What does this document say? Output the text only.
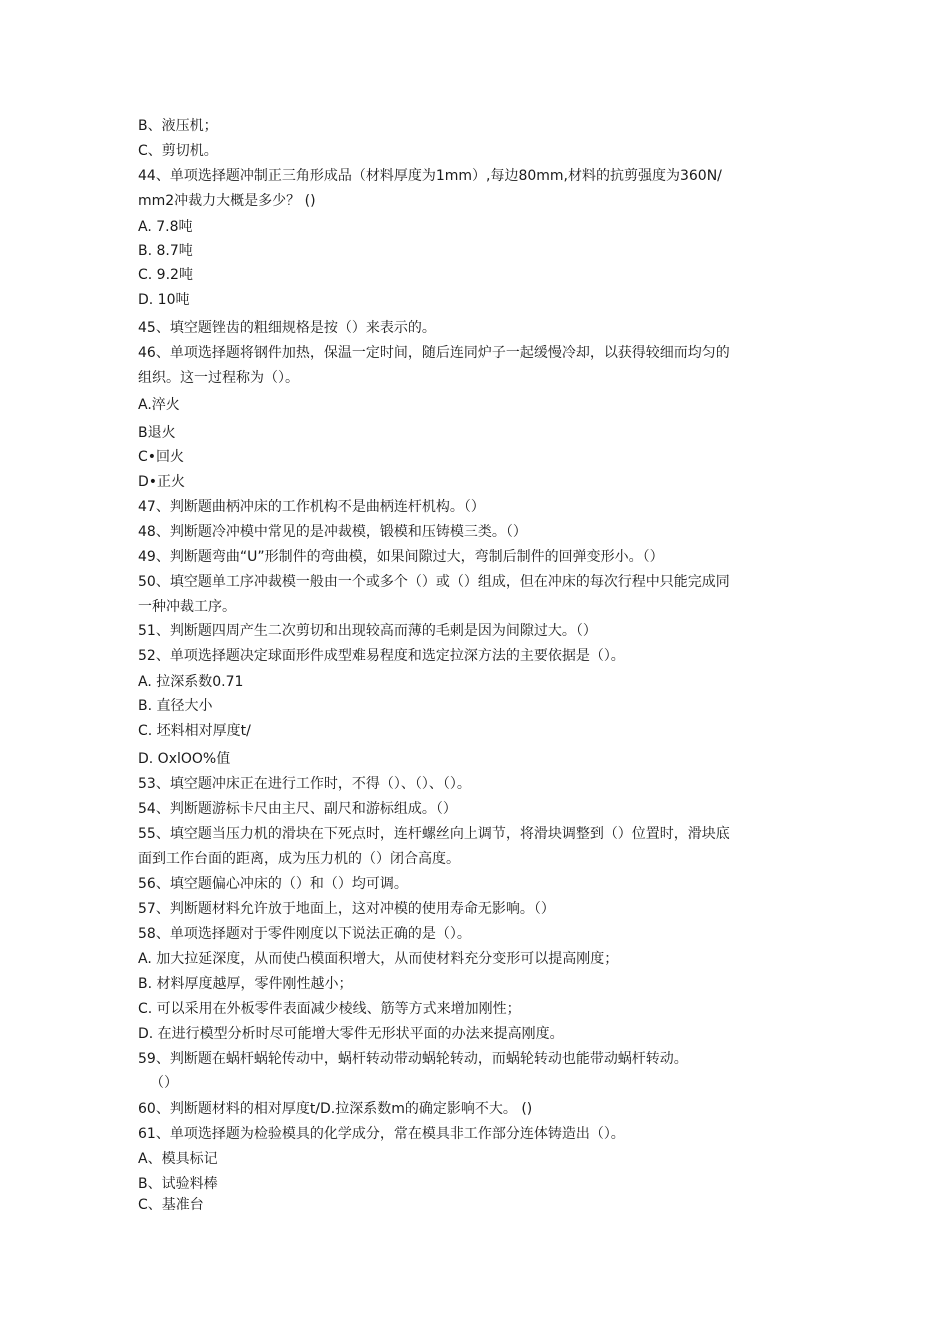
B、液压机；
C、剪切机。
44、单项选择题冲制正三角形成品（材料厚度为1mm）,每边80mm,材料的抗剪强度为360N/
mm2冲裁力大概是多少？ ()
A. 7.8吨
B. 8.7吨
C. 9.2吨
D. 10吨
45、填空题锉齿的粗细规格是按（）来表示的。
46、单项选择题将钢件加热，保温一定时间，随后连同炉子一起缓慢冷却，以获得较细而均匀的
组织。这一过程称为（）。
A.淬火
B退火
C•回火
D•正火
47、判断题曲柄冲床的工作机构不是曲柄连杆机构。（）
48、判断题冷冲模中常见的是冲裁模，锻模和压铸模三类。（）
49、判断题弯曲“U”形制件的弯曲模，如果间隙过大，弯制后制件的回弹变形小。（）
50、填空题单工序冲裁模一般由一个或多个（）或（）组成，但在冲床的每次行程中只能完成同
一种冲裁工序。
51、判断题四周产生二次剪切和出现较高而薄的毛刺是因为间隙过大。（）
52、单项选择题决定球面形件成型难易程度和选定拉深方法的主要依据是（）。
A. 拉深系数0.71
B. 直径大小
C. 坯料相对厚度t/
D. OxlOO%值
53、填空题冲床正在进行工作时，不得（）、（）、（）。
54、判断题游标卡尺由主尺、副尺和游标组成。（）
55、填空题当压力机的滑块在下死点时，连杆螺丝向上调节，将滑块调整到（）位置时，滑块底
面到工作台面的距离，成为压力机的（）闭合高度。
56、填空题偏心冲床的（）和（）均可调。
57、判断题材料允许放于地面上，这对冲模的使用寿命无影响。（）
58、单项选择题对于零件刚度以下说法正确的是（）。
A. 加大拉延深度，从而使凸模面积增大，从而使材料充分变形可以提高刚度；
B. 材料厚度越厚，零件刚性越小；
C. 可以采用在外板零件表面减少棱线、筋等方式来增加刚性；
D. 在进行模型分析时尽可能增大零件无形状平面的办法来提高刚度。
59、判断题在蜗杆蜗轮传动中，蜗杆转动带动蜗轮转动，而蜗轮转动也能带动蜗杆转动。
（）
60、判断题材料的相对厚度t/D.拉深系数m的确定影响不大。 ()
61、单项选择题为检验模具的化学成分，常在模具非工作部分连体铸造出（）。
A、模具标记
B、试验料棒
C、基准台
